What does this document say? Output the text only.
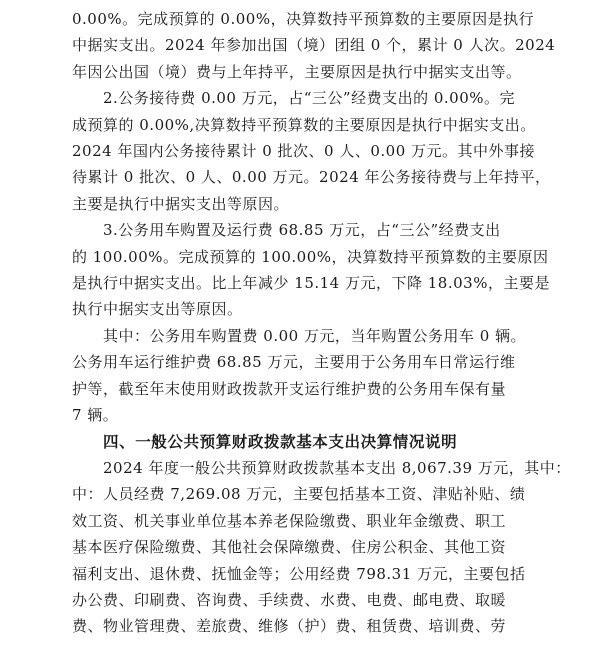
0.00%。完成预算的 0.00%，决算数持平预算数的主要原因是执行
中据实支出。2024 年参加出国（境）团组 0 个，累计 0 人次。2024
年因公出国（境）费与上年持平，主要原因是执行中据实支出等。
2.公务接待费 0.00 万元，占“三公”经费支出的 0.00%。完
成预算的 0.00%,决算数持平预算数的主要原因是执行中据实支出。
2024 年国内公务接待累计 0 批次、0 人、0.00 万元。其中外事接
待累计 0 批次、0 人、0.00 万元。2024 年公务接待费与上年持平，
主要是执行中据实支出等原因。
3.公务用车购置及运行费 68.85 万元，占“三公”经费支出
的 100.00%。完成预算的 100.00%，决算数持平预算数的主要原因
是执行中据实支出。比上年减少 15.14 万元，下降 18.03%，主要是
执行中据实支出等原因。
其中：公务用车购置费 0.00 万元，当年购置公务用车 0 辆。
公务用车运行维护费 68.85 万元，主要用于公务用车日常运行维
护等，截至年末使用财政拨款开支运行维护费的公务用车保有量
7 辆。
四、一般公共预算财政拨款基本支出决算情况说明
2024 年度一般公共预算财政拨款基本支出 8,067.39 万元，其中：
中：人员经费 7,269.08 万元，主要包括基本工资、津贴补贴、绩
效工资、机关事业单位基本养老保险缴费、职业年金缴费、职工
基本医疗保险缴费、其他社会保障缴费、住房公积金、其他工资
福利支出、退休费、抚恤金等；公用经费 798.31 万元，主要包括
办公费、印刷费、咨询费、手续费、水费、电费、邮电费、取暖
费、物业管理费、差旅费、维修（护）费、租赁费、培训费、劳
